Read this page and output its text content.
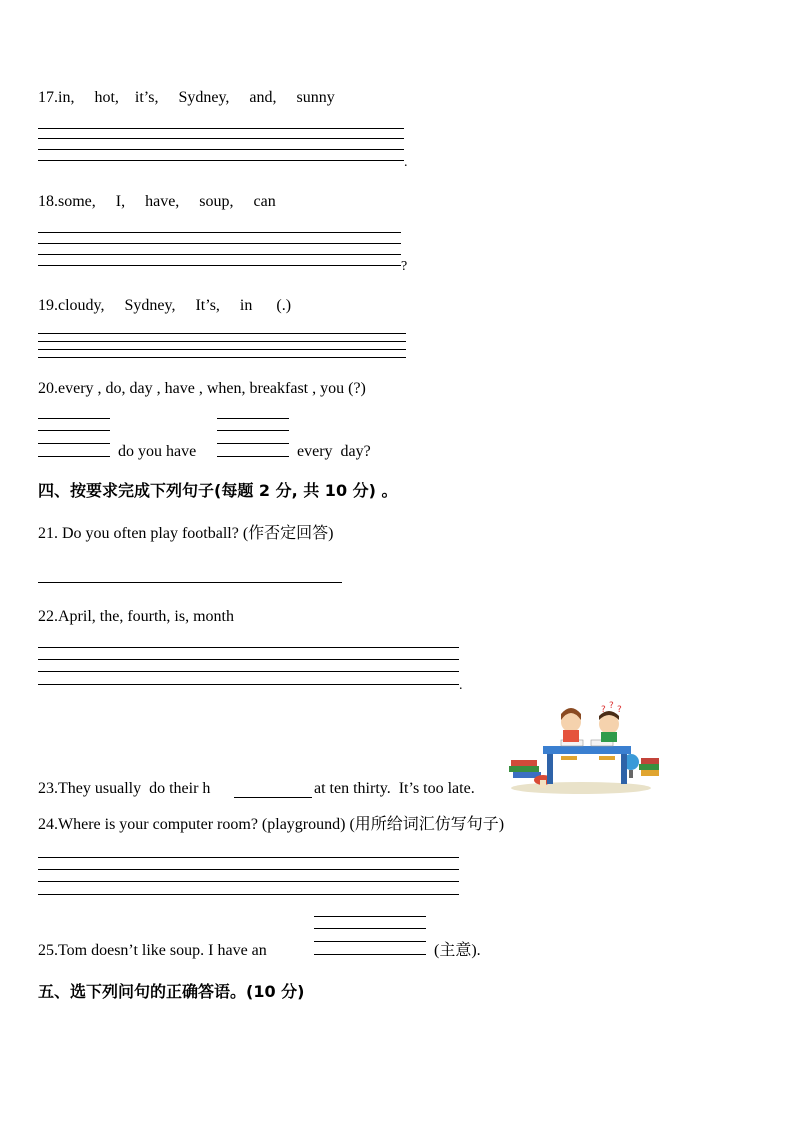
17.in,     hot,    it’s,     Sydney,     and,     sunny
.
18.some,     I,     have,     soup,     can
?
19.cloudy,     Sydney,     It’s,     in      (.)
20.every , do, day , have , when, breakfast , you (?)
do you have	every  day?
四、按要求完成下列句子(每题 2 分, 共 10 分) 。
21. Do you often play football? (作否定回答)
22.April, the, fourth, is, month
.
23.They usually  do their h	at ten thirty.  It’s too late.
? ? ?
24.Where is your computer room? (playground) (用所给词汇仿写句子)
25.Tom doesn’t like soup. I have an	(主意).
五、选下列问句的正确答语。(10 分)
